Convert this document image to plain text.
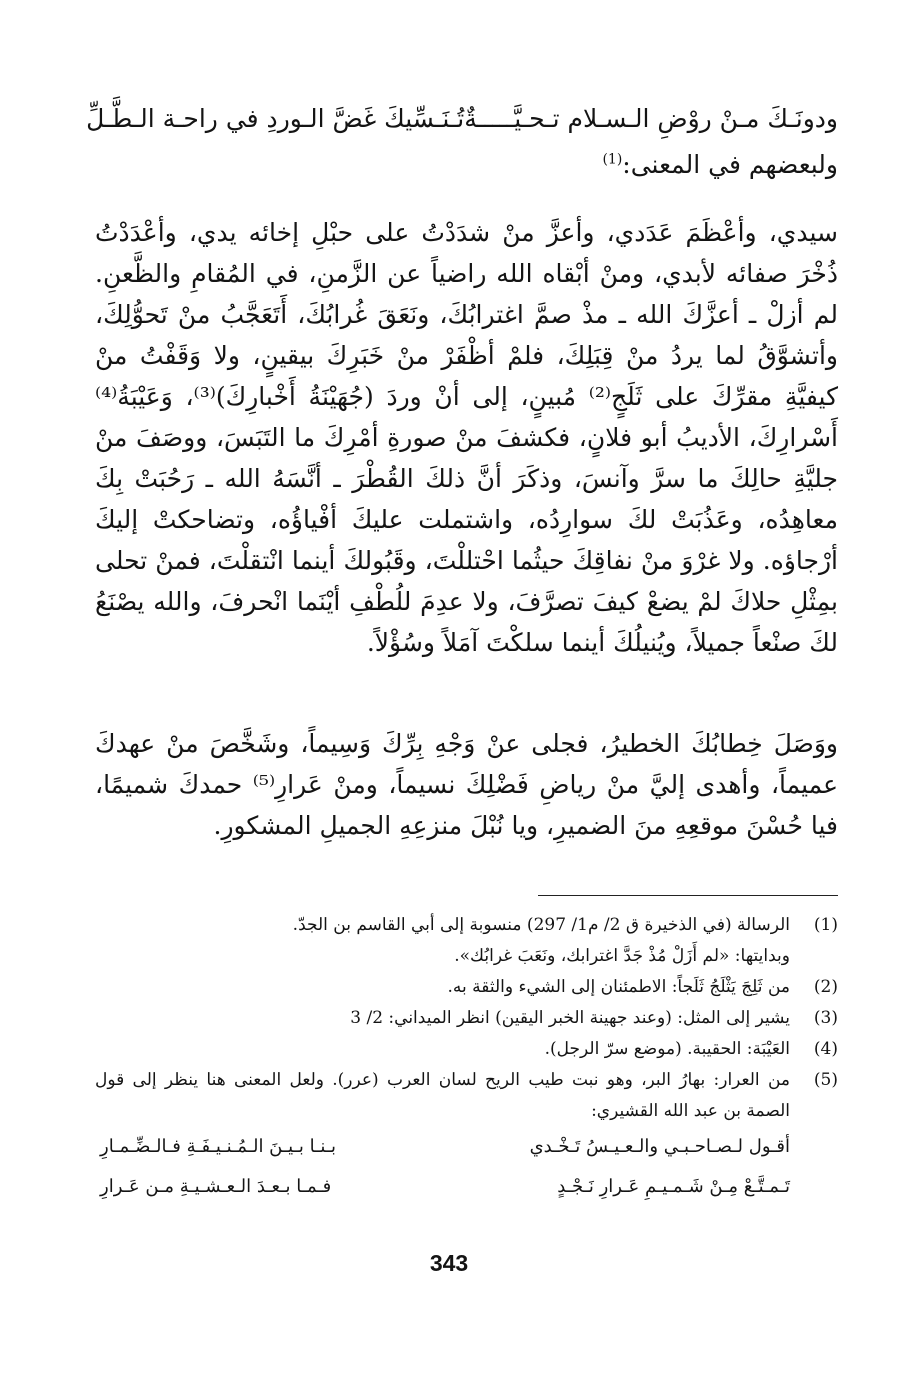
ودونَـكَ مـنْ روْضِ الـسـلام تـحـيَّـــــةٌ
تُـنَـسِّيكَ غَضَّ الـوردِ في راحـة الـطَّـلِّ
ولبعضهم في المعنى:$^{(1)}$

سيدي، وأعْظَمَ عَدَدي، وأعزَّ منْ شدَدْتُ على حبْلِ إخائه يدي، وأعْدَدْتُ ذُخْرَ صفائه لأبدي، ومنْ أبْقاه الله راضياً عن الزَّمنِ، في المُقامِ والظَّعنِ. لم أزلْ ـ أعزَّكَ الله ـ مذْ صمَّ اغترابُكَ، ونَعَقَ غُرابُكَ، أَتَعَجَّبُ منْ تَحوُّلِكَ، وأتشوَّقُ لما يردُ منْ قِبَلِكَ، فلمْ أظْفَرْ منْ خَبَرِكَ بيقينٍ، ولا وَقَفْتُ منْ كيفيَّةِ مقرِّكَ على ثَلَجٍ⁽²⁾ مُبينٍ، إلى أنْ وردَ (جُهَيْنَةُ أَخْبارِكَ)⁽³⁾، وَعَيْبَةُ⁽⁴⁾ أَسْرارِكَ، الأديبُ أبو فلانٍ، فكشفَ منْ صورةِ أمْرِكَ ما التَبَسَ، ووصَفَ منْ جليَّةِ حالِكَ ما سرَّ وآنسَ، وذكَرَ أنَّ ذلكَ القُطْرَ ـ أنَّسَهُ الله ـ رَحُبَتْ بِكَ معاهِدُه، وعَذُبَتْ لكَ سوارِدُه، واشتملت عليكَ أفْياؤُه، وتضاحكتْ إليكَ أرْجاؤه. ولا غرْوَ منْ نفاقِكَ حيثُما احْتللْتَ، وقَبُولكَ أينما انْتقلْتَ، فمنْ تحلى بمِثْلِ حلاكَ لمْ يضعْ كيفَ تصرَّفَ، ولا عدِمَ للُطْفِ أيْنَما انْحرفَ، والله يصْنَعُ لكَ صنْعاً جميلاً، ويُنيلُكَ أينما سلكْتَ آمَلاً وسُؤْلاً.

ووَصَلَ خِطابُكَ الخطيرُ، فجلى عنْ وَجْهِ بِرِّكَ وَسِيماً، وشَخَّصَ منْ عهدكَ عميماً، وأهدى إليَّ منْ رياضِ فَضْلِكَ نسيماً، ومنْ عَرارِ⁽⁵⁾ حمدكَ شميمًا، فيا حُسْنَ موقعِهِ منَ الضميرِ، ويا نُبْلَ منزعِهِ الجميلِ المشكورِ.

(1)
الرسالة (في الذخيرة ق 2/ م1/ 297) منسوبة إلى أبي القاسم بن الجدّ.
وبدايتها: «لم أَزَلْ مُذْ جَدَّ اغترابك، ونَعَبَ غرابُك».
(2)
من ثَلِجَ يَثْلَجُ ثَلَجاً: الاطمئنان إلى الشيء والثقة به.
(3)
يشير إلى المثل: (وعند جهينة الخبر اليقين) انظر الميداني: 2/ 3
(4)
العَيْبَة: الحقيبة. (موضع سرّ الرجل).
(5)
من العرار: بهارُ البر، وهو نبت طيب الريح لسان العرب (عرر). ولعل المعنى هنا ينظر إلى قول الصمة بن عبد الله القشيري:
أقـول لـصـاحـبـي والـعـيـسُ تَـخْـدي
بـنـا بـيـنَ الـمُـنـيـفَـةِ فـالـضِّـمـارِ
تَـمـتَّـعْ مِـنْ شَـمـيـمِ عَـرارِ نَـجْـدٍ
فـمـا بـعـدَ الـعـشـيـةِ مـن عَـرارِ
343
